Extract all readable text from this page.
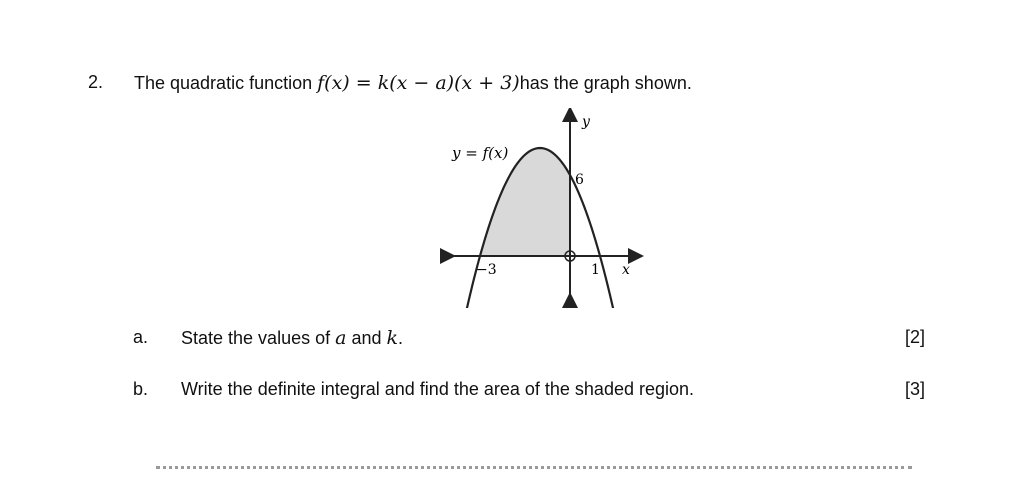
2. The quadratic function f(x) = k(x − a)(x + 3)has the graph shown.
y = f(x)
y
x
6
−3	1
a. State the values of a and k.	[2]
b. Write the definite integral and find the area of the shaded region.	[3]
